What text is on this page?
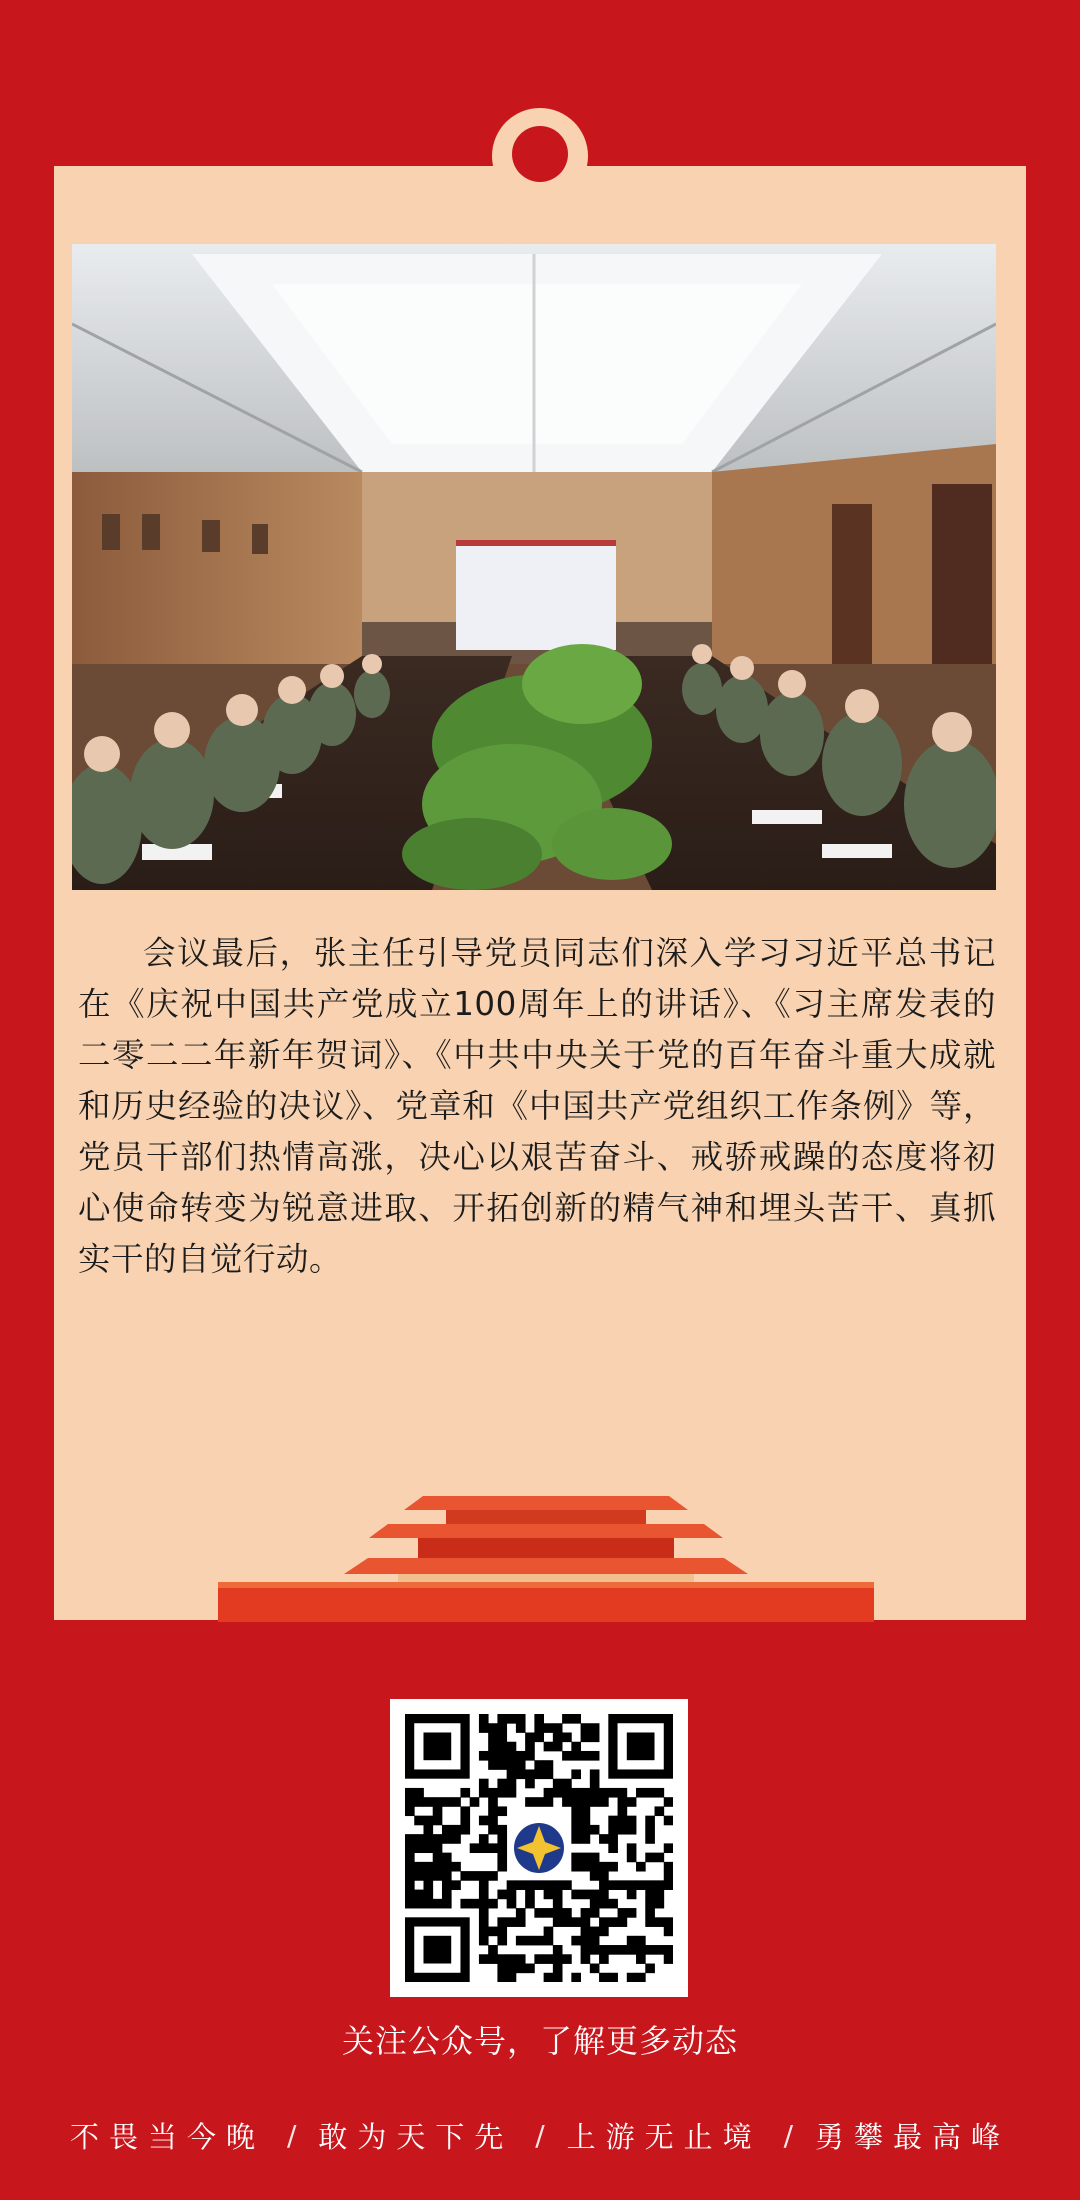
会议最后，张主任引导党员同志们深入学习习近平总书记在《庆祝中国共产党成立100周年上的讲话》、《习主席发表的二零二二年新年贺词》、《中共中央关于党的百年奋斗重大成就和历史经验的决议》、党章和《中国共产党组织工作条例》等，党员干部们热情高涨，决心以艰苦奋斗、戒骄戒躁的态度将初心使命转变为锐意进取、开拓创新的精气神和埋头苦干、真抓实干的自觉行动。

关注公众号，了解更多动态
不畏当今晚 / 敢为天下先 / 上游无止境 / 勇攀最高峰
